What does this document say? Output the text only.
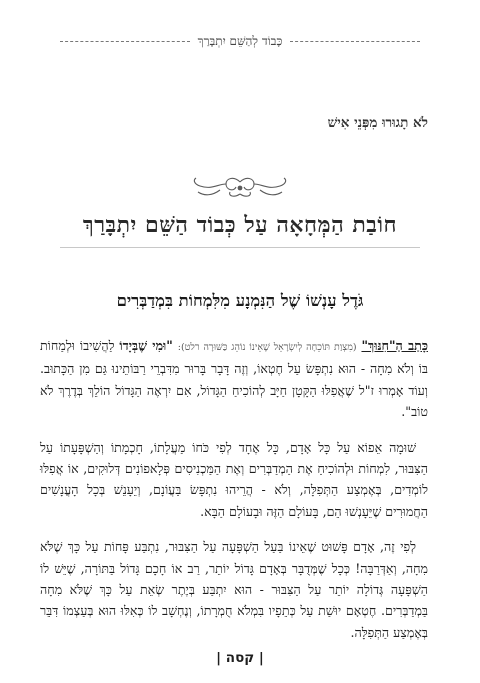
כָּבוֹד לְהַשֵּׁם יִתְבָּרַךְ
לֹא תָגוּרוּ מִפְּנֵי אִישׁ
חוֹבַת הַמְּחָאָה עַל כְּבוֹד הַשֵּׁם יִתְבָּרַךְ
גֹּדֶל עָנְשׁוֹ שֶׁל הַנִּמְנָע מִלִּמְחוֹת בִּמְדַבְּרִים

כָּתַב הַ"חִנּוּךְ" (מִצְוַת תּוֹכֵחָה לְיִשְׂרָאֵל שֶׁאֵינוֹ נוֹהֵג כַּשּׁוּרָה רלט): "וּמִי שֶׁבְּיָדוֹ לַהֲשִׁיבוֹ וּלְמַחוֹת בּוֹ וְלֹא מִחָה - הוּא נִתְפָּשׂ עַל חֶטְאוֹ, וְזֶה דָּבָר בָּרוּר מִדִּבְרֵי רַבּוֹתֵינוּ גַּם מִן הַכָּתוּב. וְעוֹד אָמְרוּ ז"ל שֶׁאֲפִלּוּ הַקָּטָן חַיָּב לְהוֹכִיחַ הַגָּדוֹל, אִם יִרְאֶה הַגָּדוֹל הוֹלֵךְ בְּדֶרֶךְ לֹא טוֹב".

שׁוּמָה אֵפוֹא עַל כָּל אָדָם, כָּל אֶחָד לְפִי כֹּחוֹ מַעֲלָתוֹ, חָכְמָתוֹ וְהַשְׁפָּעָתוֹ עַל הַצִּבּוּר, לִמְחוֹת וּלְהוֹכִיחַ אֶת הַמְדַבְּרִים וְאֶת הַמַּכְנִיסִים פְּלָאפוֹנִים דְּלוּקִים, אוֹ אֲפִלּוּ לוֹמְדִים, בְּאֶמְצַע הַתְּפִלָּה, וְלֹא - הֲרֵיהוּ נִתְפָּשׂ בַּעֲוֹנָם, וְיֵעָנֵשׁ בְּכָל הָעֳנָשִׁים הַחֲמוּרִים שֶׁיֵּעָנְשׁוּ הֵם, בָּעוֹלָם הַזֶּה וּבָעוֹלָם הַבָּא.

לְפִי זֶה, אָדָם פָּשׁוּט שֶׁאֵינוֹ בַּעַל הַשְׁפָּעָה עַל הַצִּבּוּר, נִתְבַּע פָּחוֹת עַל כָּךְ שֶׁלֹּא מִחָה, וְאַדְּרַבָּה! כְּכָל שֶׁמְּדֻבָּר בְּאָדָם גָּדוֹל יוֹתֵר, רַב אוֹ חָכָם גָּדוֹל בַּתּוֹרָה, שֶׁיֵּשׁ לוֹ הַשְׁפָּעָה גְּדוֹלָה יוֹתֵר עַל הַצִּבּוּר - הוּא יִתְבַּע בְּיֶתֶר שְׂאֵת עַל כָּךְ שֶׁלֹּא מִחָה בַּמְדַבְּרִים. חֶטְאָם יוּשַׁת עַל כְּתֵפָיו בִּמְלֹא חֻמְרָתוֹ, וְנֶחְשָׁב לוֹ כְּאִלּוּ הוּא בְּעַצְמוֹ דִּבֵּר בְּאֶמְצַע הַתְּפִלָּה.

| קסה |
